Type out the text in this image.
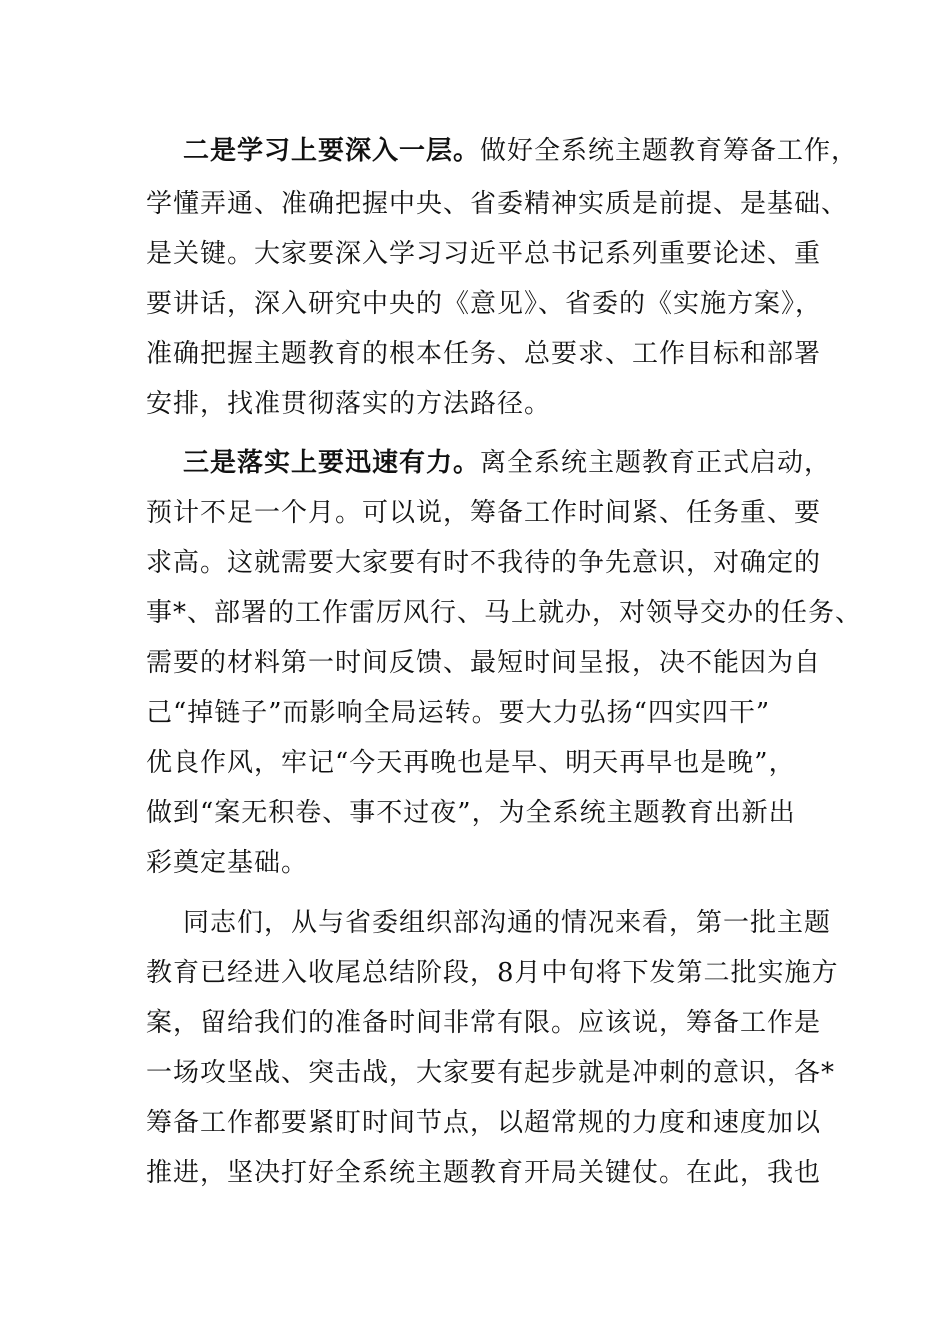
二是学习上要深入一层。做好全系统主题教育筹备工作，
学懂弄通、准确把握中央、省委精神实质是前提、是基础、
是关键。大家要深入学习习近平总书记系列重要论述、重
要讲话，深入研究中央的《意见》、省委的《实施方案》，
准确把握主题教育的根本任务、总要求、工作目标和部署
安排，找准贯彻落实的方法路径。
三是落实上要迅速有力。离全系统主题教育正式启动，
预计不足一个月。可以说，筹备工作时间紧、任务重、要
求高。这就需要大家要有时不我待的争先意识，对确定的
事*、部署的工作雷厉风行、马上就办，对领导交办的任务、
需要的材料第一时间反馈、最短时间呈报，决不能因为自
己“掉链子”而影响全局运转。要大力弘扬“四实四干”
优良作风，牢记“今天再晚也是早、明天再早也是晚”，
做到“案无积卷、事不过夜”，为全系统主题教育出新出
彩奠定基础。
同志们，从与省委组织部沟通的情况来看，第一批主题
教育已经进入收尾总结阶段，8月中旬将下发第二批实施方
案，留给我们的准备时间非常有限。应该说，筹备工作是
一场攻坚战、突击战，大家要有起步就是冲刺的意识，各*
筹备工作都要紧盯时间节点，以超常规的力度和速度加以
推进，坚决打好全系统主题教育开局关键仗。在此，我也
